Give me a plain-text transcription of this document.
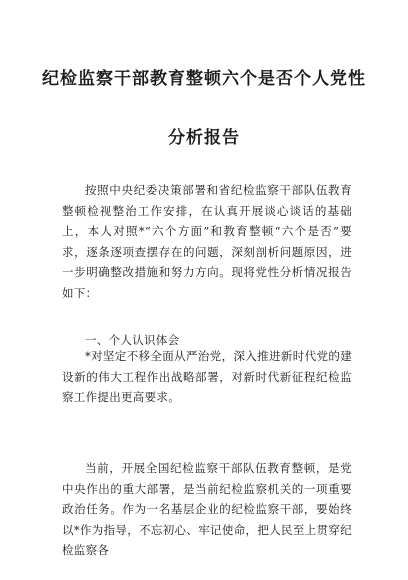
纪检监察干部教育整顿六个是否个人党性
分析报告
按照中央纪委决策部署和省纪检监察干部队伍教育整顿检视整治工作安排，在认真开展谈心谈话的基础上，本人对照*“六个方面”和教育整顿“六个是否”要求，逐条逐项查摆存在的问题，深刻剖析问题原因，进一步明确整改措施和努力方向。现将党性分析情况报告如下：
一、个人认识体会
*对坚定不移全面从严治党，深入推进新时代党的建设新的伟大工程作出战略部署，对新时代新征程纪检监察工作提出更高要求。
当前，开展全国纪检监察干部队伍教育整顿，是党中央作出的重大部署，是当前纪检监察机关的一项重要政治任务。作为一名基层企业的纪检监察干部，要始终以*作为指导，不忘初心、牢记使命，把人民至上贯穿纪检监察各
